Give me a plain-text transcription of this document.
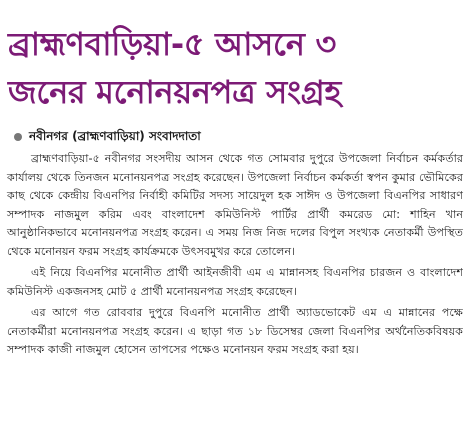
ব্রাহ্মণবাড়িয়া-৫ আসনে ৩
জনের মনোনয়নপত্র সংগ্রহ
নবীনগর (ব্রাহ্মণবাড়িয়া) সংবাদদাতা

ব্রাহ্মণবাড়িয়া-৫ নবীনগর সংসদীয় আসন থেকে গত সোমবার দুপুরে উপজেলা নির্বাচন কর্মকর্তার কার্যালয় থেকে তিনজন মনোনয়নপত্র সংগ্রহ করেছেন। উপজেলা নির্বাচন কর্মকর্তা স্বপন কুমার ভৌমিকের কাছ থেকে কেন্দ্রীয় বিএনপির নির্বাহী কমিটির সদস্য সায়েদুল হক সাঈদ ও উপজেলা বিএনপির সাধারণ সম্পাদক নাজমুল করিম এবং বাংলাদেশ কমিউনিস্ট পার্টির প্রার্থী কমরেড মো: শাহিন খান আনুষ্ঠানিকভাবে মনোনয়নপত্র সংগ্রহ করেন। এ সময় নিজ নিজ দলের বিপুল সংখ্যক নেতাকর্মী উপস্থিত থেকে মনোনয়ন ফরম সংগ্রহ কার্যক্রমকে উৎসবমুখর করে তোলেন।

এই নিয়ে বিএনপির মনোনীত প্রার্থী আইনজীবী এম এ মান্নানসহ বিএনপির চারজন ও বাংলাদেশ কমিউনিস্ট একজনসহ মোট ৫ প্রার্থী মনোনয়নপত্র সংগ্রহ করেছেন।

এর আগে গত রোববার দুপুরে বিএনপি মনোনীত প্রার্থী অ্যাডভোকেট এম এ মান্নানের পক্ষে নেতাকর্মীরা মনোনয়নপত্র সংগ্রহ করেন। এ ছাড়া গত ১৮ ডিসেম্বর জেলা বিএনপির অর্থনৈতিকবিষয়ক সম্পাদক কাজী নাজমুল হোসেন তাপসের পক্ষেও মনোনয়ন ফরম সংগ্রহ করা হয়।
